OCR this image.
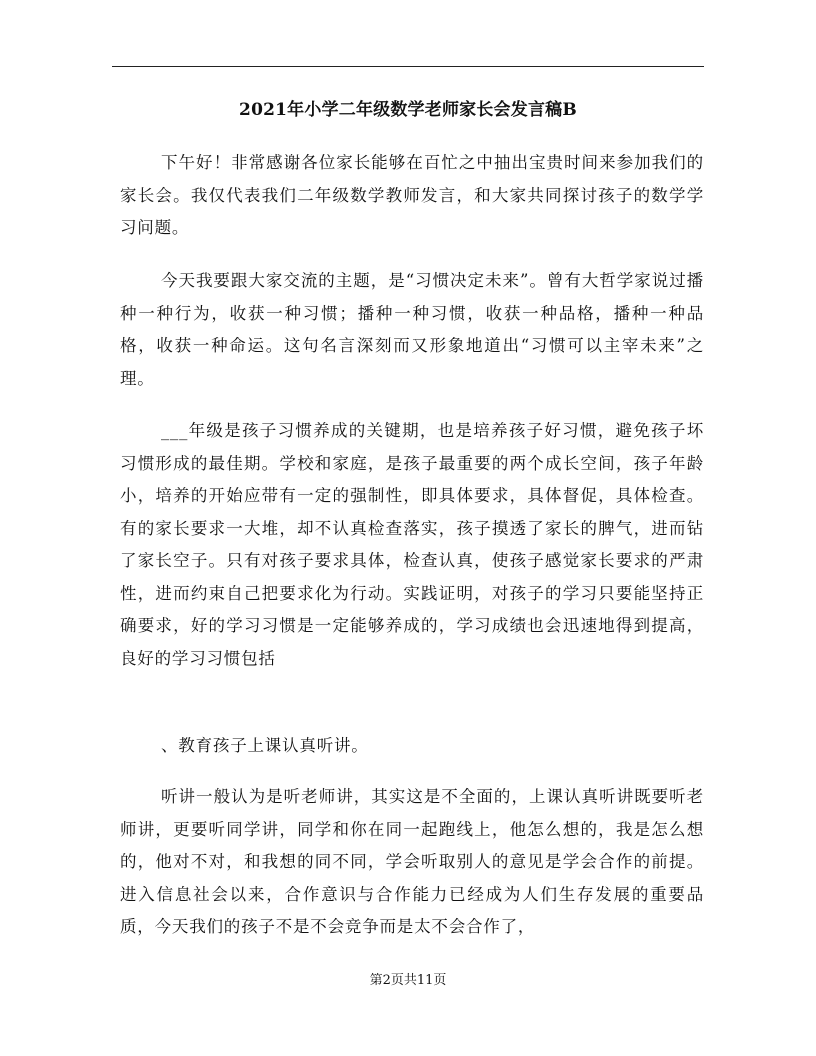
2021年小学二年级数学老师家长会发言稿B

下午好！非常感谢各位家长能够在百忙之中抽出宝贵时间来参加我们的家长会。我仅代表我们二年级数学教师发言，和大家共同探讨孩子的数学学习问题。

今天我要跟大家交流的主题，是“习惯决定未来”。曾有大哲学家说过播种一种行为，收获一种习惯；播种一种习惯，收获一种品格，播种一种品格，收获一种命运。这句名言深刻而又形象地道出“习惯可以主宰未来”之理。

___年级是孩子习惯养成的关键期，也是培养孩子好习惯，避免孩子坏习惯形成的最佳期。学校和家庭，是孩子最重要的两个成长空间，孩子年龄小，培养的开始应带有一定的强制性，即具体要求，具体督促，具体检查。有的家长要求一大堆，却不认真检查落实，孩子摸透了家长的脾气，进而钻了家长空子。只有对孩子要求具体，检查认真，使孩子感觉家长要求的严肃性，进而约束自己把要求化为行动。实践证明，对孩子的学习只要能坚持正确要求，好的学习习惯是一定能够养成的，学习成绩也会迅速地得到提高，良好的学习习惯包括

、教育孩子上课认真听讲。

听讲一般认为是听老师讲，其实这是不全面的，上课认真听讲既要听老师讲，更要听同学讲，同学和你在同一起跑线上，他怎么想的，我是怎么想的，他对不对，和我想的同不同，学会听取别人的意见是学会合作的前提。进入信息社会以来，合作意识与合作能力已经成为人们生存发展的重要品质，今天我们的孩子不是不会竞争而是太不会合作了，

第2页共11页
